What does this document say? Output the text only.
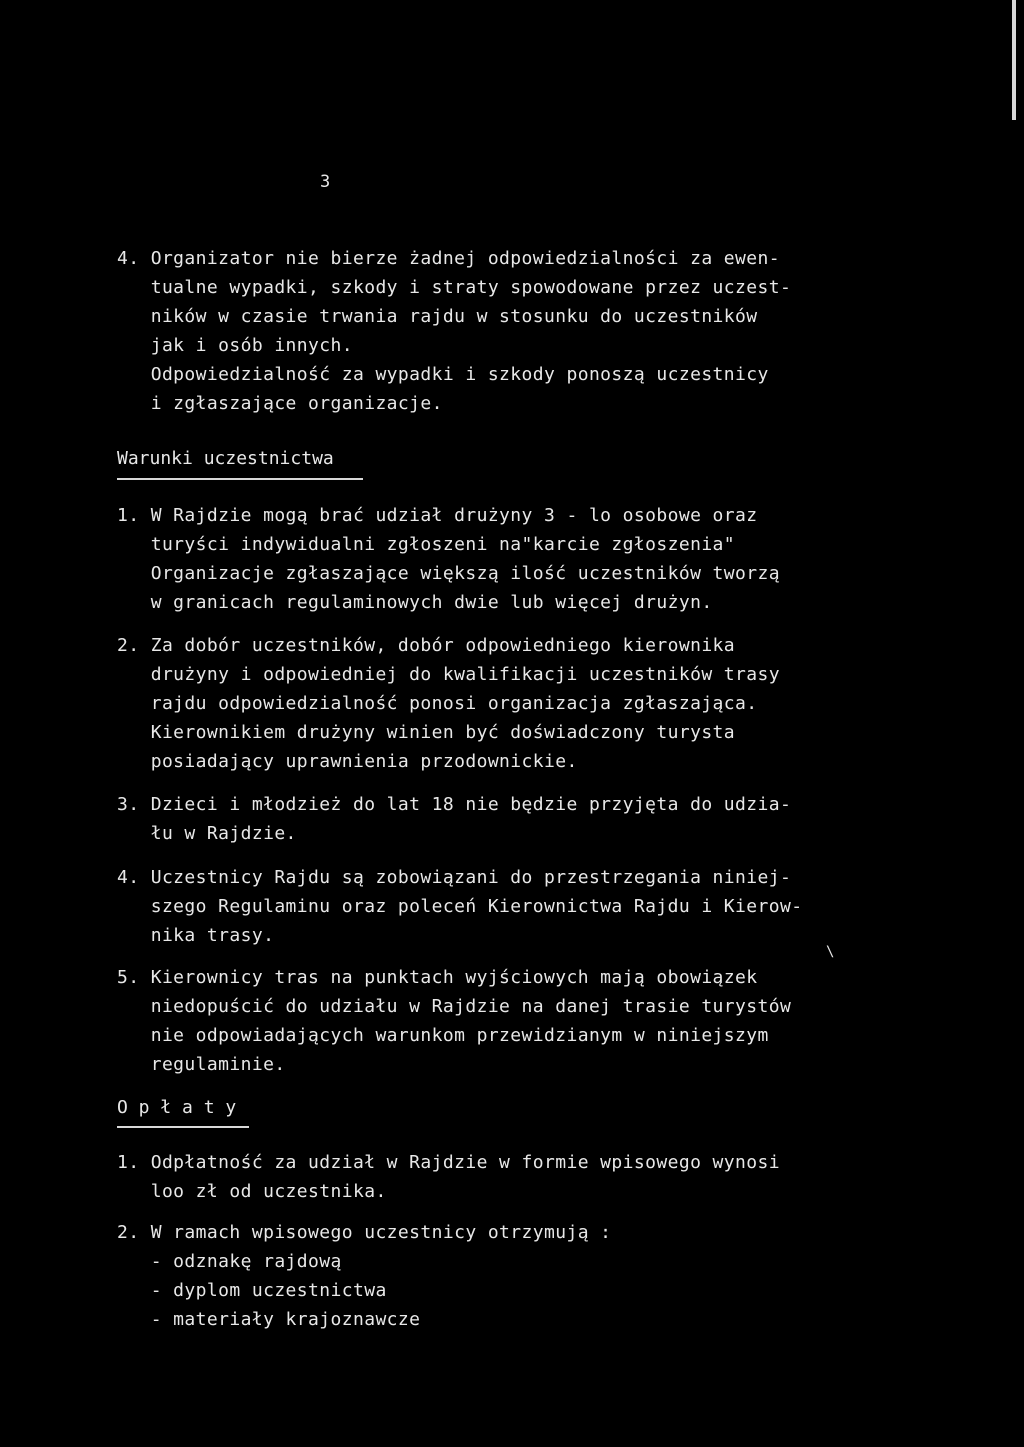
3
4. Organizator nie bierze żadnej odpowiedzialności za ewen-
tualne wypadki, szkody i straty spowodowane przez uczest-
ników w czasie trwania rajdu w stosunku do uczestników
jak i osób innych.
Odpowiedzialność za wypadki i szkody ponoszą uczestnicy
i zgłaszające organizacje.
Warunki uczestnictwa
1. W Rajdzie mogą brać udział drużyny 3 - lo osobowe oraz
turyści indywidualni zgłoszeni na"karcie zgłoszenia"
Organizacje zgłaszające większą ilość uczestników tworzą
w granicach regulaminowych dwie lub więcej drużyn.
2. Za dobór uczestników, dobór odpowiedniego kierownika
drużyny i odpowiedniej do kwalifikacji uczestników trasy
rajdu odpowiedzialność ponosi organizacja zgłaszająca.
Kierownikiem drużyny winien być doświadczony turysta
posiadający uprawnienia przodownickie.
3. Dzieci i młodzież do lat 18 nie będzie przyjęta do udzia-
łu w Rajdzie.
4. Uczestnicy Rajdu są zobowiązani do przestrzegania niniej-
szego Regulaminu oraz poleceń Kierownictwa Rajdu i Kierow-
nika trasy.
\
5. Kierownicy tras na punktach wyjściowych mają obowiązek
niedopuścić do udziału w Rajdzie na danej trasie turystów
nie odpowiadających warunkom przewidzianym w niniejszym
regulaminie.
O p ł a t y
1. Odpłatność za udział w Rajdzie w formie wpisowego wynosi
loo zł od uczestnika.
2. W ramach wpisowego uczestnicy otrzymują :
- odznakę rajdową
- dyplom uczestnictwa
- materiały krajoznawcze
